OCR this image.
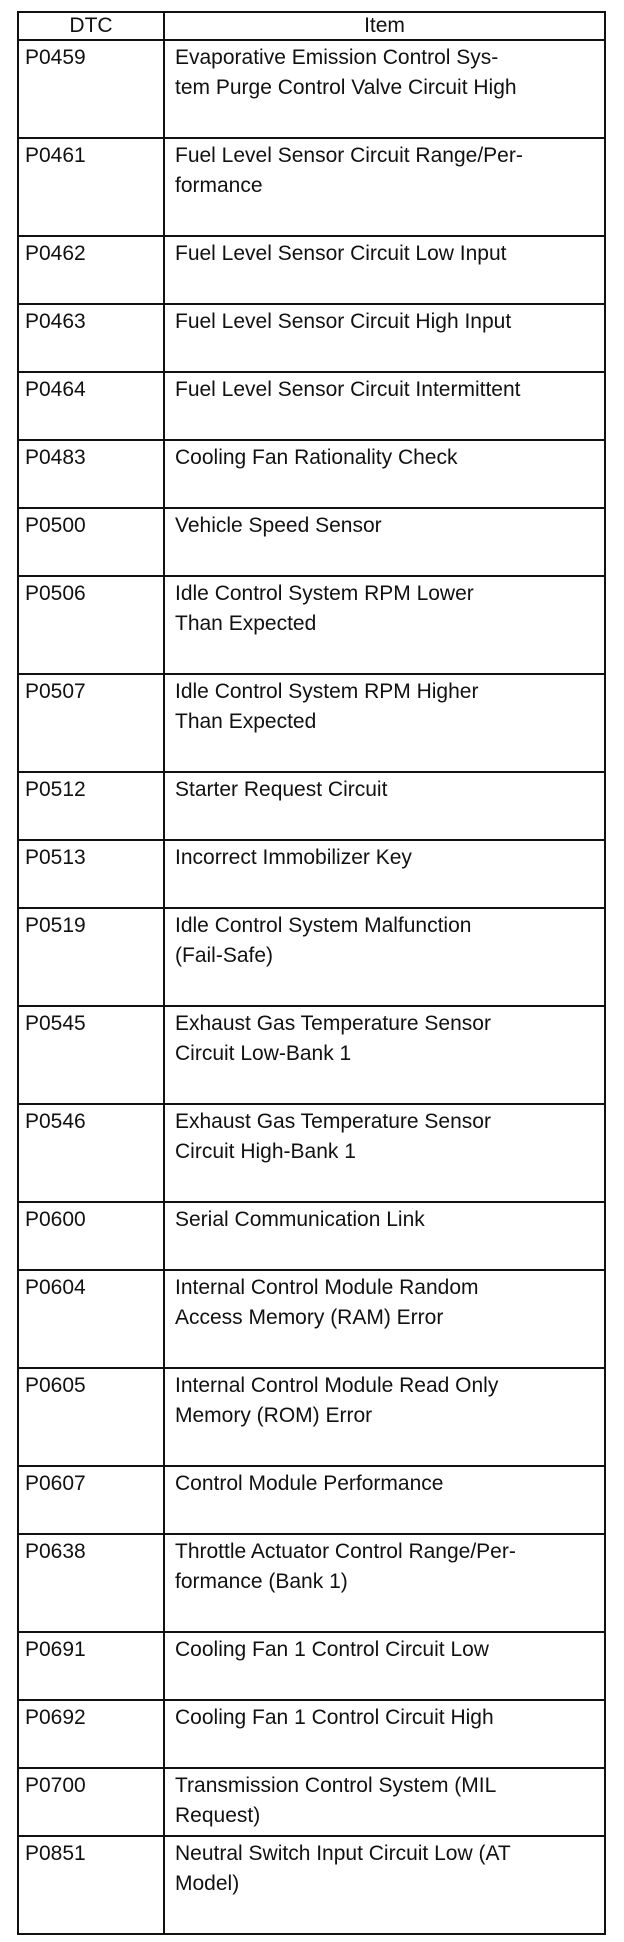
DTC	Item
P0459	Evaporative Emission Control Sys-
tem Purge Control Valve Circuit High

P0461	Fuel Level Sensor Circuit Range/Per-
formance

P0462	Fuel Level Sensor Circuit Low Input

P0463	Fuel Level Sensor Circuit High Input

P0464	Fuel Level Sensor Circuit Intermittent

P0483	Cooling Fan Rationality Check

P0500	Vehicle Speed Sensor

P0506	Idle Control System RPM Lower
Than Expected

P0507	Idle Control System RPM Higher
Than Expected

P0512	Starter Request Circuit

P0513	Incorrect Immobilizer Key

P0519	Idle Control System Malfunction
(Fail-Safe)

P0545	Exhaust Gas Temperature Sensor
Circuit Low-Bank 1

P0546	Exhaust Gas Temperature Sensor
Circuit High-Bank 1

P0600	Serial Communication Link

P0604	Internal Control Module Random
Access Memory (RAM) Error

P0605	Internal Control Module Read Only
Memory (ROM) Error

P0607	Control Module Performance

P0638	Throttle Actuator Control Range/Per-
formance (Bank 1)

P0691	Cooling Fan 1 Control Circuit Low

P0692	Cooling Fan 1 Control Circuit High

P0700	Transmission Control System (MIL
Request)

P0851	Neutral Switch Input Circuit Low (AT
Model)
